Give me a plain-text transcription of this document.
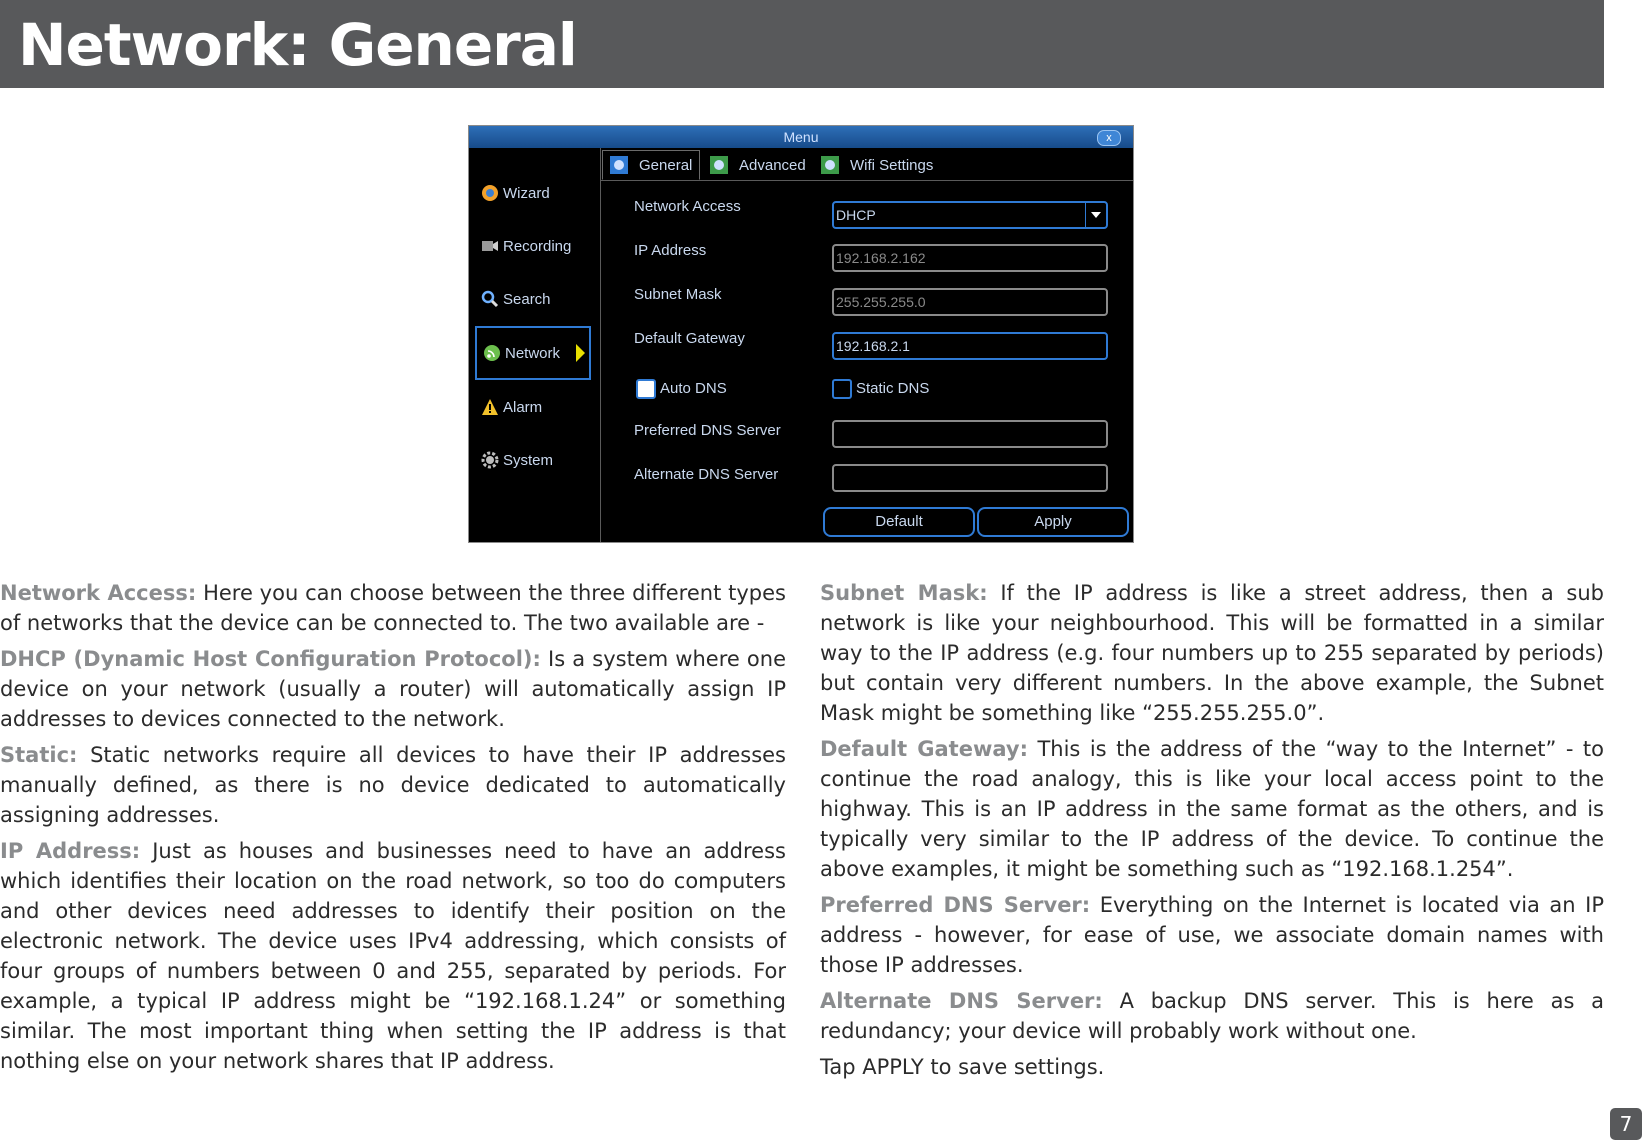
Network: General
Menu	x
Wizard
Recording
Search
Network
Alarm
System
General	Advanced	Wifi Settings
Network Access	DHCP
IP Address	192.168.2.162
Subnet Mask	255.255.255.0
Default Gateway	192.168.2.1
Auto DNS	Static DNS
Preferred DNS Server
Alternate DNS Server
Default	Apply

Network Access: Here you can choose between the three different types of networks that the device can be connected to. The two available are -

DHCP (Dynamic Host Configuration Protocol): Is a system where one device on your network (usually a router) will automatically assign IP addresses to devices connected to the network.

Static: Static networks require all devices to have their IP addresses manually defined, as there is no device dedicated to automatically assigning addresses.

IP Address: Just as houses and businesses need to have an address which identifies their location on the road network, so too do computers and other devices need addresses to identify their position on the electronic network. The device uses IPv4 addressing, which consists of four groups of numbers between 0 and 255, separated by periods. For example, a typical IP address might be “192.168.1.24” or something similar. The most important thing when setting the IP address is that nothing else on your network shares that IP address.

Subnet Mask: If the IP address is like a street address, then a sub network is like your neighbourhood. This will be formatted in a similar way to the IP address (e.g. four numbers up to 255 separated by periods) but contain very different numbers. In the above example, the Subnet Mask might be something like “255.255.255.0”.

Default Gateway: This is the address of the “way to the Internet” - to continue the road analogy, this is like your local access point to the highway. This is an IP address in the same format as the others, and is typically very similar to the IP address of the device. To continue the above examples, it might be something such as “192.168.1.254”.

Preferred DNS Server: Everything on the Internet is located via an IP address - however, for ease of use, we associate domain names with those IP addresses.

Alternate DNS Server: A backup DNS server. This is here as a redundancy; your device will probably work without one.

Tap APPLY to save settings.

7
